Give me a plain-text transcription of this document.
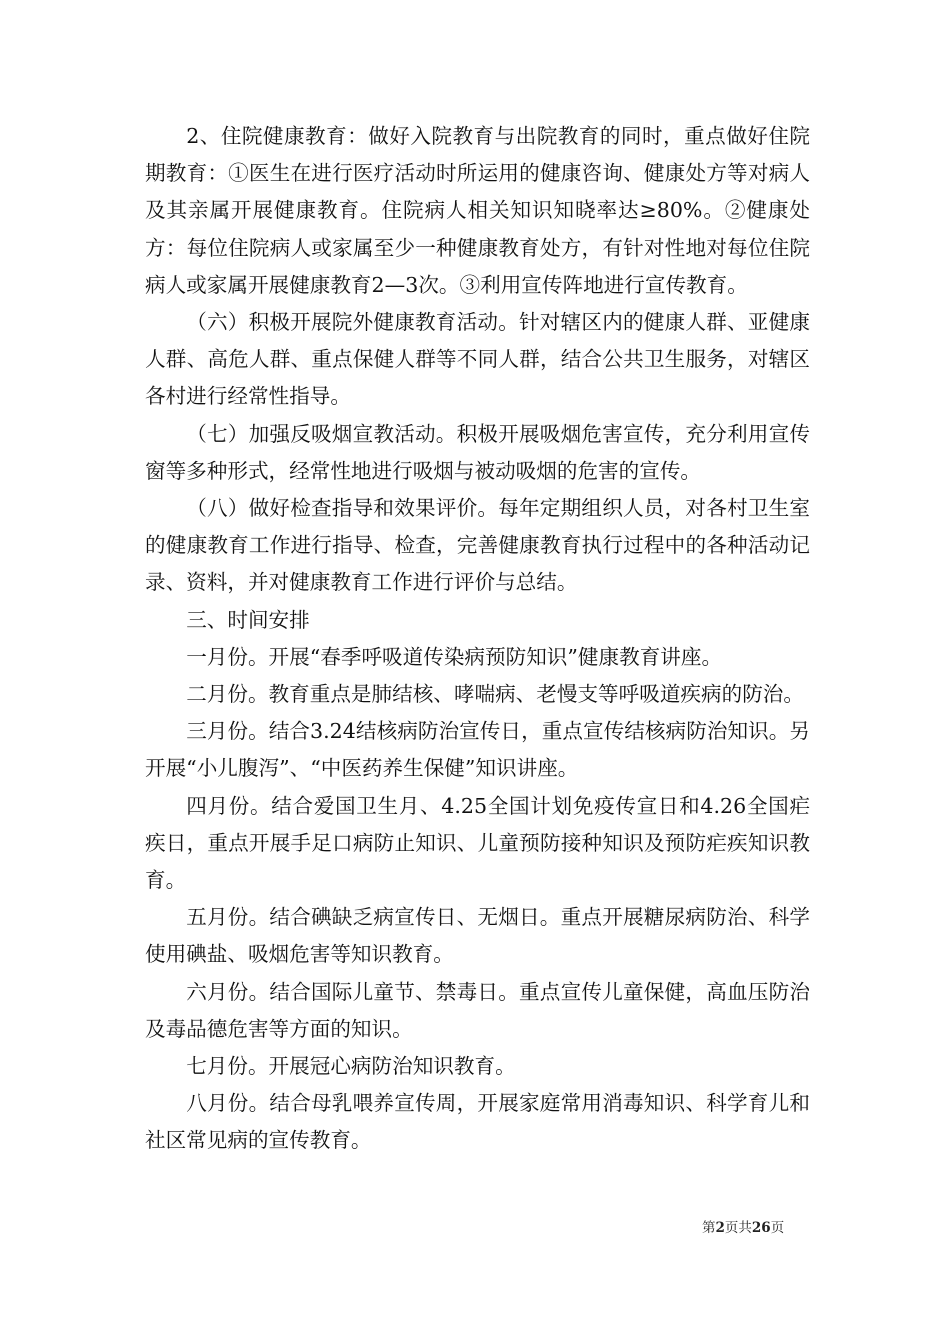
2、住院健康教育：做好入院教育与出院教育的同时，重点做好住院期教育：①医生在进行医疗活动时所运用的健康咨询、健康处方等对病人及其亲属开展健康教育。住院病人相关知识知晓率达≥80%。②健康处方：每位住院病人或家属至少一种健康教育处方，有针对性地对每位住院病人或家属开展健康教育2—3次。③利用宣传阵地进行宣传教育。

（六）积极开展院外健康教育活动。针对辖区内的健康人群、亚健康人群、高危人群、重点保健人群等不同人群，结合公共卫生服务，对辖区各村进行经常性指导。

（七）加强反吸烟宣教活动。积极开展吸烟危害宣传，充分利用宣传窗等多种形式，经常性地进行吸烟与被动吸烟的危害的宣传。

（八）做好检查指导和效果评价。每年定期组织人员，对各村卫生室的健康教育工作进行指导、检查，完善健康教育执行过程中的各种活动记录、资料，并对健康教育工作进行评价与总结。

三、时间安排

一月份。开展“春季呼吸道传染病预防知识”健康教育讲座。

二月份。教育重点是肺结核、哮喘病、老慢支等呼吸道疾病的防治。

三月份。结合3.24结核病防治宣传日，重点宣传结核病防治知识。另开展“小儿腹泻”、“中医药养生保健”知识讲座。

四月份。结合爱国卫生月、4.25全国计划免疫传宣日和4.26全国疟疾日，重点开展手足口病防止知识、儿童预防接种知识及预防疟疾知识教育。

五月份。结合碘缺乏病宣传日、无烟日。重点开展糖尿病防治、科学使用碘盐、吸烟危害等知识教育。

六月份。结合国际儿童节、禁毒日。重点宣传儿童保健，高血压防治及毒品德危害等方面的知识。

七月份。开展冠心病防治知识教育。

八月份。结合母乳喂养宣传周，开展家庭常用消毒知识、科学育儿和社区常见病的宣传教育。

第2页共26页
